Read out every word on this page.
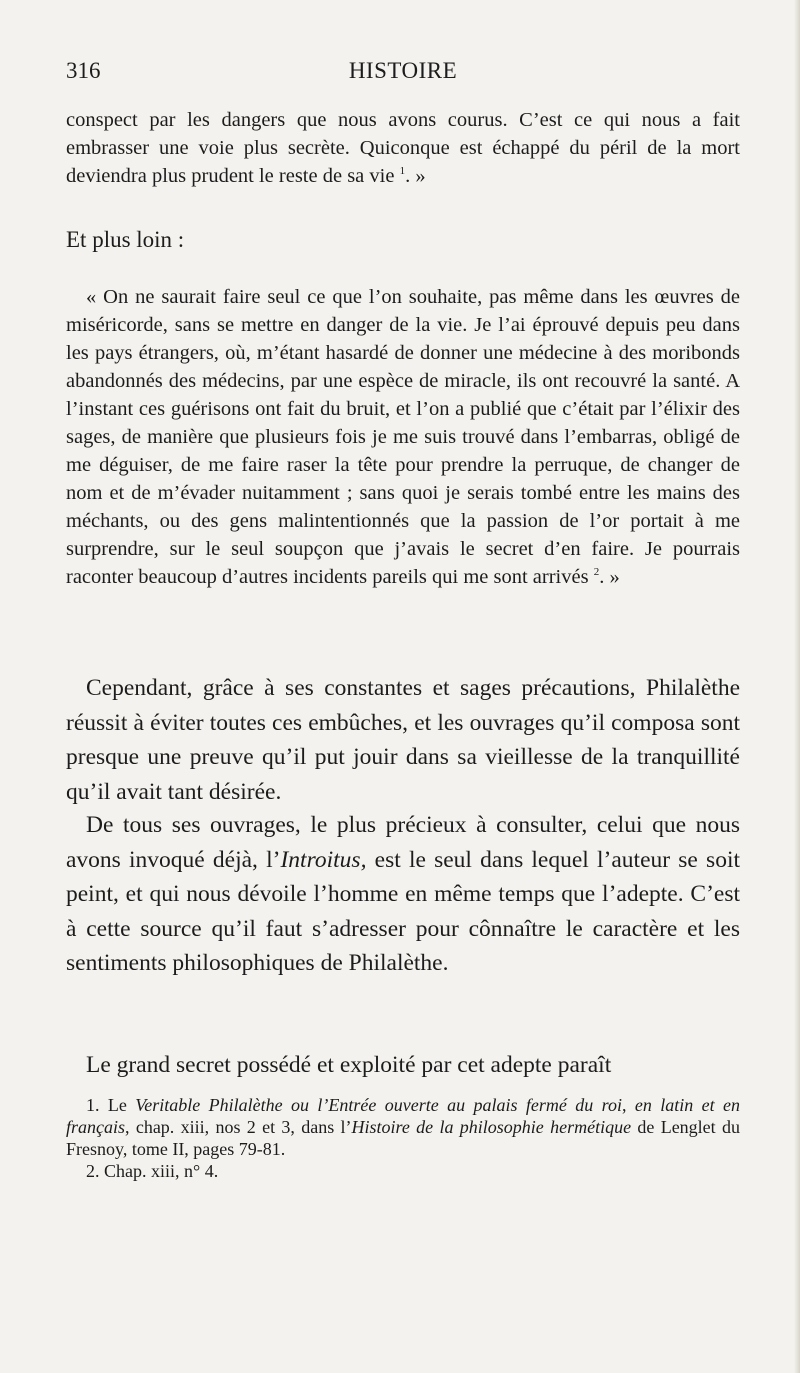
316	HISTOIRE

conspect par les dangers que nous avons courus. C’est ce qui nous a fait embrasser une voie plus secrète. Quiconque est échappé du péril de la mort deviendra plus prudent le reste de sa vie $^1$. »

Et plus loin :

« On ne saurait faire seul ce que l’on souhaite, pas même dans les œuvres de miséricorde, sans se mettre en danger de la vie. Je l’ai éprouvé depuis peu dans les pays étrangers, où, m’étant hasardé de donner une médecine à des moribonds abandonnés des médecins, par une espèce de miracle, ils ont recouvré la santé. A l’instant ces guérisons ont fait du bruit, et l’on a publié que c’était par l’élixir des sages, de manière que plusieurs fois je me suis trouvé dans l’embarras, obligé de me déguiser, de me faire raser la tête pour prendre la perruque, de changer de nom et de m’évader nuitamment ; sans quoi je serais tombé entre les mains des méchants, ou des gens malintentionnés que la passion de l’or portait à me surprendre, sur le seul soupçon que j’avais le secret d’en faire. Je pourrais raconter beaucoup d’autres incidents pareils qui me sont arrivés $^2$. »

Cependant, grâce à ses constantes et sages précautions, Philalèthe réussit à éviter toutes ces embûches, et les ouvrages qu’il composa sont presque une preuve qu’il put jouir dans sa vieillesse de la tranquillité qu’il avait tant désirée.

De tous ses ouvrages, le plus précieux à consulter, celui que nous avons invoqué déjà, l’Introitus, est le seul dans lequel l’auteur se soit peint, et qui nous dévoile l’homme en même temps que l’adepte. C’est à cette source qu’il faut s’adresser pour cônnaître le caractère et les sentiments philosophiques de Philalèthe.

Le grand secret possédé et exploité par cet adepte paraît

1. Le Veritable Philalèthe ou l’Entrée ouverte au palais fermé du roi, en latin et en français, chap. xiii, nos 2 et 3, dans l’Histoire de la philosophie hermétique de Lenglet du Fresnoy, tome II, pages 79-81.

2. Chap. xiii, n° 4.
